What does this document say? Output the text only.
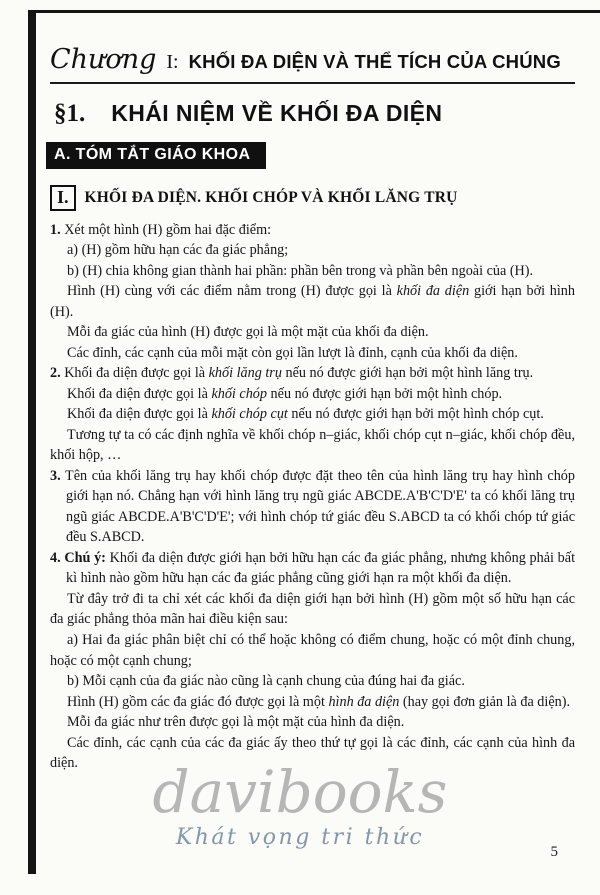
Chương I: KHỐI ĐA DIỆN VÀ THỂ TÍCH CỦA CHÚNG
§1. KHÁI NIỆM VỀ KHỐI ĐA DIỆN
A. TÓM TẮT GIÁO KHOA
I.	KHỐI ĐA DIỆN. KHỐI CHÓP VÀ KHỐI LĂNG TRỤ

1. Xét một hình (H) gồm hai đặc điểm:

a) (H) gồm hữu hạn các đa giác phẳng;

b) (H) chia không gian thành hai phần: phần bên trong và phần bên ngoài của (H).

Hình (H) cùng với các điểm nằm trong (H) được gọi là khối đa diện giới hạn bởi hình (H).

Mỗi đa giác của hình (H) được gọi là một mặt của khối đa diện.

Các đỉnh, các cạnh của mỗi mặt còn gọi lần lượt là đỉnh, cạnh của khối đa diện.

2. Khối đa diện được gọi là khối lăng trụ nếu nó được giới hạn bởi một hình lăng trụ.

Khối đa diện được gọi là khối chóp nếu nó được giới hạn bởi một hình chóp.

Khối đa diện được gọi là khối chóp cụt nếu nó được giới hạn bởi một hình chóp cụt.

Tương tự ta có các định nghĩa về khối chóp n–giác, khối chóp cụt n–giác, khối chóp đều, khối hộp, …

3. Tên của khối lăng trụ hay khối chóp được đặt theo tên của hình lăng trụ hay hình chóp giới hạn nó. Chẳng hạn với hình lăng trụ ngũ giác ABCDE.A'B'C'D'E' ta có khối lăng trụ ngũ giác ABCDE.A'B'C'D'E'; với hình chóp tứ giác đều S.ABCD ta có khối chóp tứ giác đều S.ABCD.

4. Chú ý: Khối đa diện được giới hạn bởi hữu hạn các đa giác phẳng, nhưng không phải bất kì hình nào gồm hữu hạn các đa giác phẳng cũng giới hạn ra một khối đa diện.

Từ đây trở đi ta chỉ xét các khối đa diện giới hạn bởi hình (H) gồm một số hữu hạn các đa giác phẳng thỏa mãn hai điều kiện sau:

a) Hai đa giác phân biệt chỉ có thể hoặc không có điểm chung, hoặc có một đỉnh chung, hoặc có một cạnh chung;

b) Mỗi cạnh của đa giác nào cũng là cạnh chung của đúng hai đa giác.

Hình (H) gồm các đa giác đó được gọi là một hình đa diện (hay gọi đơn giản là đa diện).

Mỗi đa giác như trên được gọi là một mặt của hình đa diện.

Các đỉnh, các cạnh của các đa giác ấy theo thứ tự gọi là các đỉnh, các cạnh của hình đa diện.	davibooks
Khát vọng tri thức
5
